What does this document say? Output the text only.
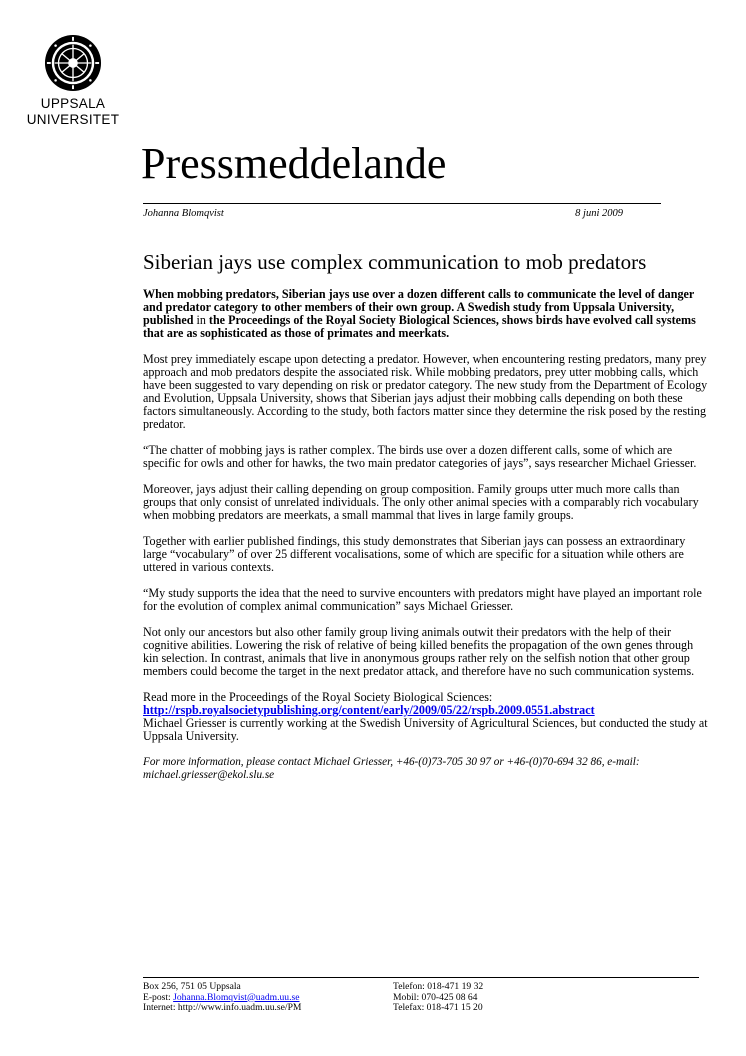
UPPSALA
UNIVERSITET
Pressmeddelande
Johanna Blomqvist	8 juni 2009
Siberian jays use complex communication to mob predators

When mobbing predators, Siberian jays use over a dozen different calls to communicate the level of danger and predator category to other members of their own group. A Swedish study from Uppsala University, published in the Proceedings of the Royal Society Biological Sciences, shows birds have evolved call systems that are as sophisticated as those of primates and meerkats.

Most prey immediately escape upon detecting a predator. However, when encountering resting predators, many prey approach and mob predators despite the associated risk. While mobbing predators, prey utter mobbing calls, which have been suggested to vary depending on risk or predator category. The new study from the Department of Ecology and Evolution, Uppsala University, shows that Siberian jays adjust their mobbing calls depending on both these factors simultaneously. According to the study, both factors matter since they determine the risk posed by the resting predator.

“The chatter of mobbing jays is rather complex. The birds use over a dozen different calls, some of which are specific for owls and other for hawks, the two main predator categories of jays”, says researcher Michael Griesser.

Moreover, jays adjust their calling depending on group composition. Family groups utter much more calls than groups that only consist of unrelated individuals. The only other animal species with a comparably rich vocabulary when mobbing predators are meerkats, a small mammal that lives in large family groups.

Together with earlier published findings, this study demonstrates that Siberian jays can possess an extraordinary large “vocabulary” of over 25 different vocalisations, some of which are specific for a situation while others are uttered in various contexts.

“My study supports the idea that the need to survive encounters with predators might have played an important role for the evolution of complex animal communication” says Michael Griesser.

Not only our ancestors but also other family group living animals outwit their predators with the help of their cognitive abilities. Lowering the risk of relative of being killed benefits the propagation of the own genes through kin selection. In contrast, animals that live in anonymous groups rather rely on the selfish notion that other group members could become the target in the next predator attack, and therefore have no such communication systems.

Read more in the Proceedings of the Royal Society Biological Sciences:
http://rspb.royalsocietypublishing.org/content/early/2009/05/22/rspb.2009.0551.abstract
Michael Griesser is currently working at the Swedish University of Agricultural Sciences, but conducted the study at Uppsala University.

For more information, please contact Michael Griesser, +46-(0)73-705 30 97 or +46-(0)70-694 32 86, e-mail: michael.griesser@ekol.slu.se

Box 256, 751 05 Uppsala
E-post: Johanna.Blomqvist@uadm.uu.se
Internet: http://www.info.uadm.uu.se/PM
Telefon: 018-471 19 32
Mobil: 070-425 08 64
Telefax: 018-471 15 20
